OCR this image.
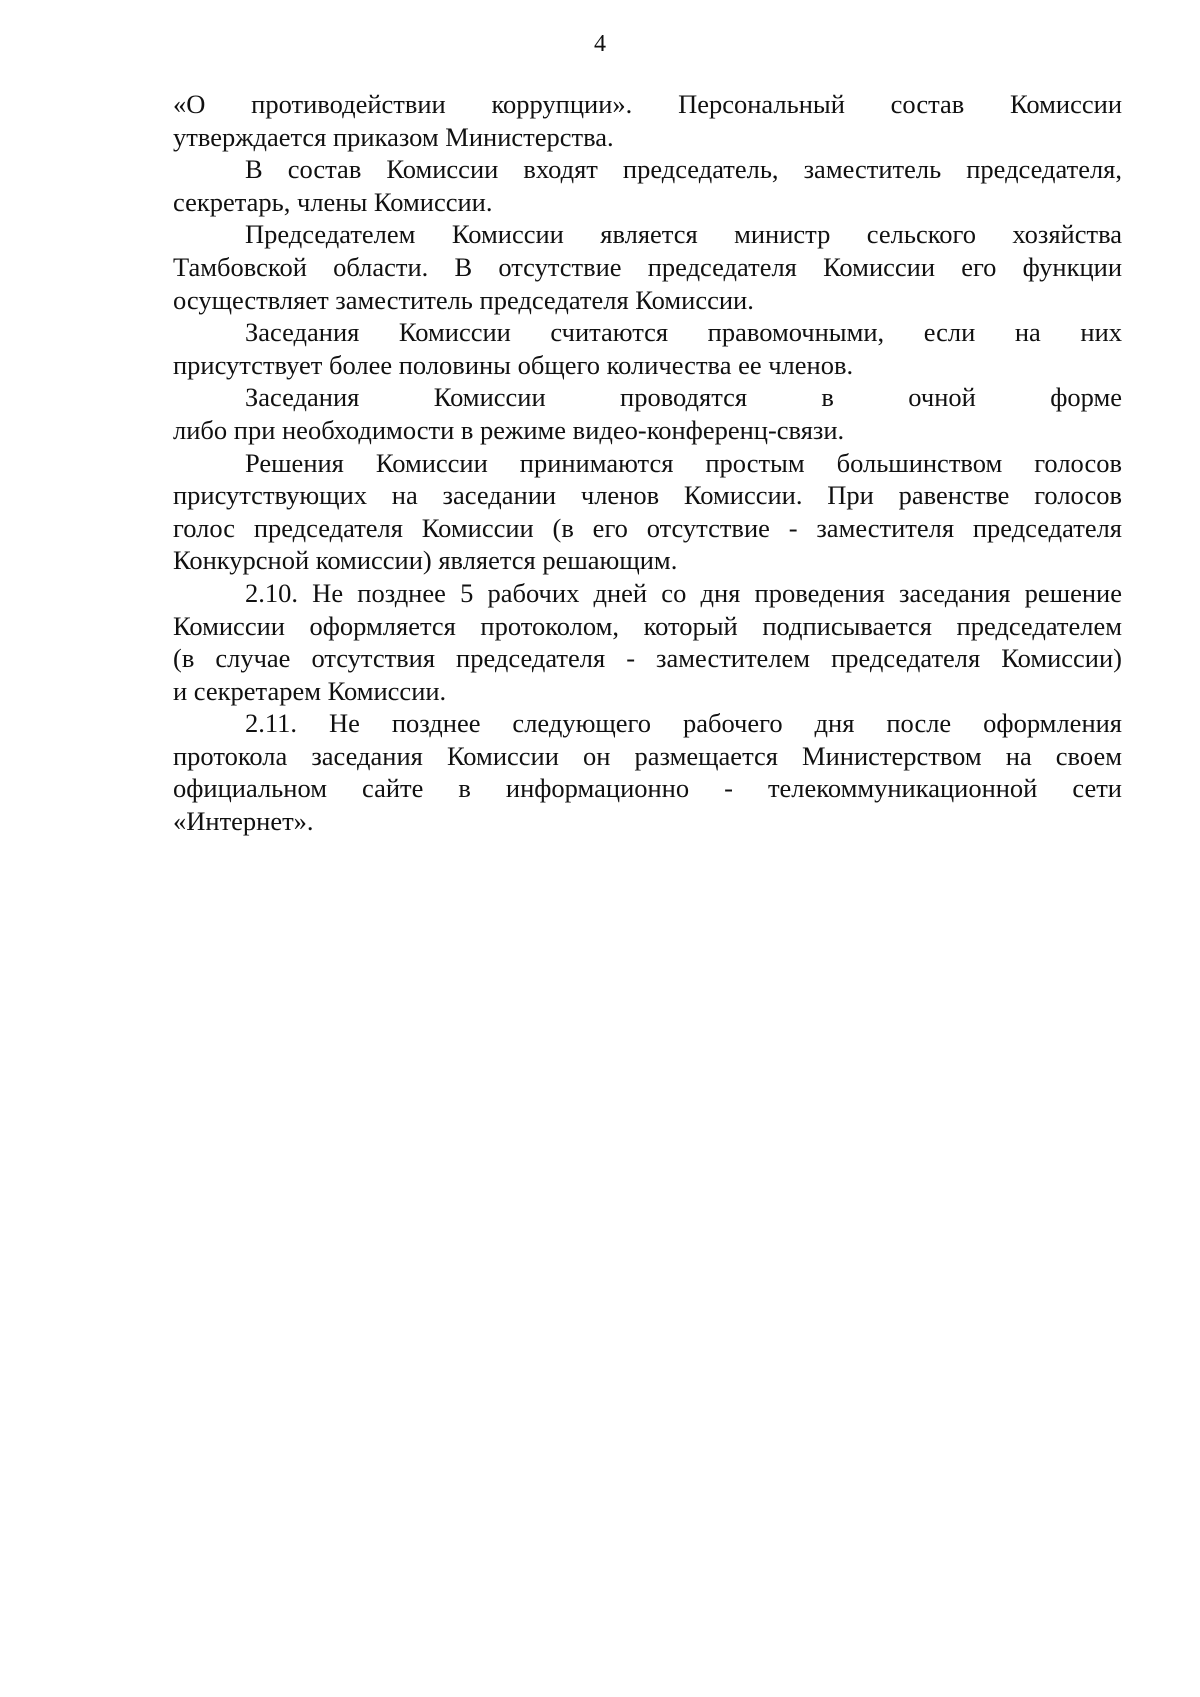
4

«О противодействии коррупции». Персональный состав Комиссии
утверждается приказом Министерства.

В состав Комиссии входят председатель, заместитель председателя,
секретарь, члены Комиссии.

Председателем Комиссии является министр сельского хозяйства
Тамбовской области. В отсутствие председателя Комиссии его функции
осуществляет заместитель председателя Комиссии.

Заседания Комиссии считаются правомочными, если на них
присутствует более половины общего количества ее членов.

Заседания Комиссии проводятся в очной форме
либо при необходимости в режиме видео-конференц-связи.

Решения Комиссии принимаются простым большинством голосов
присутствующих на заседании членов Комиссии. При равенстве голосов
голос председателя Комиссии (в его отсутствие - заместителя председателя
Конкурсной комиссии) является решающим.

2.10. Не позднее 5 рабочих дней со дня проведения заседания решение
Комиссии оформляется протоколом, который подписывается председателем
(в случае отсутствия председателя - заместителем председателя Комиссии)
и секретарем Комиссии.

2.11. Не позднее следующего рабочего дня после оформления
протокола заседания Комиссии он размещается Министерством на своем
официальном сайте в информационно - телекоммуникационной сети
«Интернет».
